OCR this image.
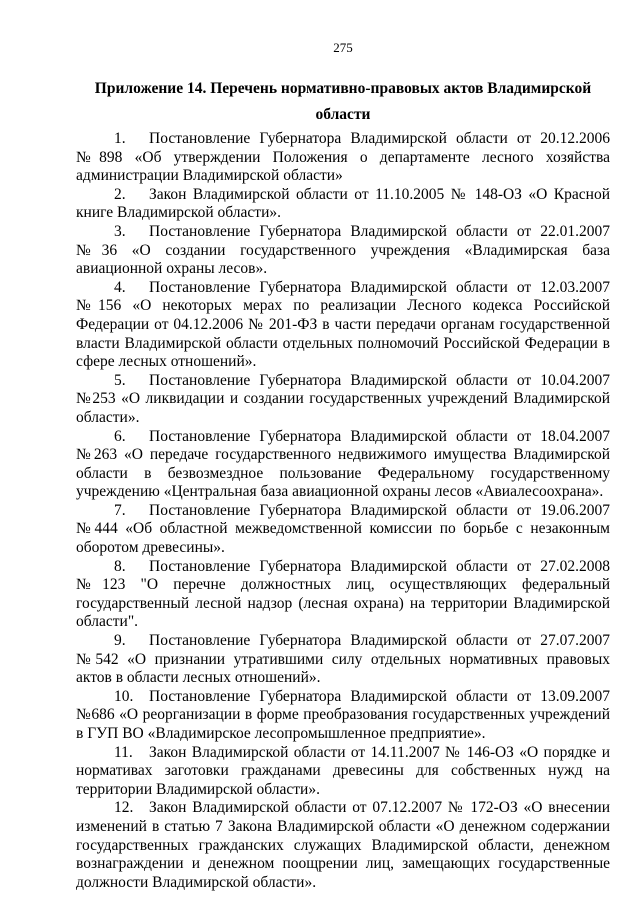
275
Приложение 14. Перечень нормативно-правовых актов Владимирской области

1. Постановление Губернатора Владимирской области от 20.12.2006 №898 «Об утверждении Положения о департаменте лесного хозяйства администрации Владимирской области»

2. Закон Владимирской области от 11.10.2005 № 148-ОЗ «О Красной книге Владимирской области».

3. Постановление Губернатора Владимирской области от 22.01.2007 №36 «О создании государственного учреждения «Владимирская база авиационной охраны лесов».

4. Постановление Губернатора Владимирской области от 12.03.2007 №156 «О некоторых мерах по реализации Лесного кодекса Российской Федерации от 04.12.2006 № 201-ФЗ в части передачи органам государственной власти Владимирской области отдельных полномочий Российской Федерации в сфере лесных отношений».

5. Постановление Губернатора Владимирской области от 10.04.2007 №253 «О ликвидации и создании государственных учреждений Владимирской области».

6. Постановление Губернатора Владимирской области от 18.04.2007 №263 «О передаче государственного недвижимого имущества Владимирской области в безвозмездное пользование Федеральному государственному учреждению «Центральная база авиационной охраны лесов «Авиалесоохрана».

7. Постановление Губернатора Владимирской области от 19.06.2007 №444 «Об областной межведомственной комиссии по борьбе с незаконным оборотом древесины».

8. Постановление Губернатора Владимирской области от 27.02.2008 №123 "О перечне должностных лиц, осуществляющих федеральный государственный лесной надзор (лесная охрана) на территории Владимирской области".

9. Постановление Губернатора Владимирской области от 27.07.2007 №542 «О признании утратившими силу отдельных нормативных правовых актов в области лесных отношений».

10. Постановление Губернатора Владимирской области от 13.09.2007 №686 «О реорганизации в форме преобразования государственных учреждений в ГУП ВО «Владимирское лесопромышленное предприятие».

11. Закон Владимирской области от 14.11.2007 № 146-ОЗ «О порядке и нормативах заготовки гражданами древесины для собственных нужд на территории Владимирской области».

12. Закон Владимирской области от 07.12.2007 № 172-ОЗ «О внесении изменений в статью 7 Закона Владимирской области «О денежном содержании государственных гражданских служащих Владимирской области, денежном вознаграждении и денежном поощрении лиц, замещающих государственные должности Владимирской области».
